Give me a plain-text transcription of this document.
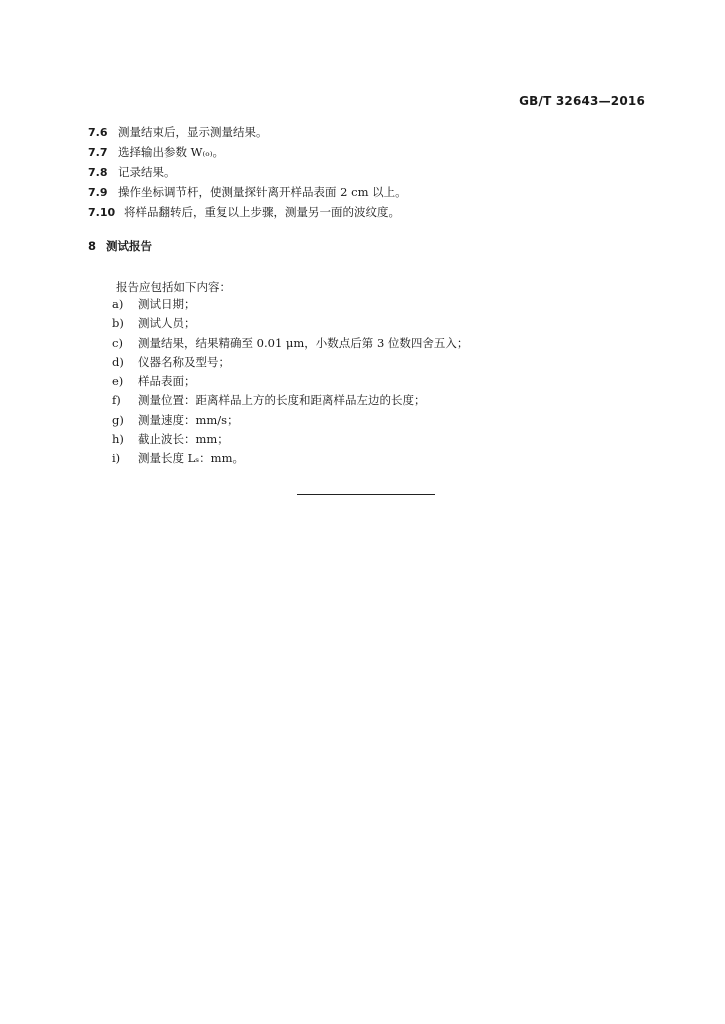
GB/T 32643—2016
7.6 测量结束后，显示测量结果。
7.7 选择输出参数 W₍ₒ₎。
7.8 记录结果。
7.9 操作坐标调节杆，使测量探针离开样品表面 2 cm 以上。
7.10 将样品翻转后，重复以上步骤，测量另一面的波纹度。
8 测试报告
报告应包括如下内容：
a)	测试日期；
b)	测试人员；
c)	测量结果，结果精确至 0.01 μm，小数点后第 3 位数四舍五入；
d)	仪器名称及型号；
e)	样品表面；
f)	测量位置：距离样品上方的长度和距离样品左边的长度；
g)	测量速度：mm/s；
h)	截止波长：mm；
i)	测量长度 Lₛ：mm。
